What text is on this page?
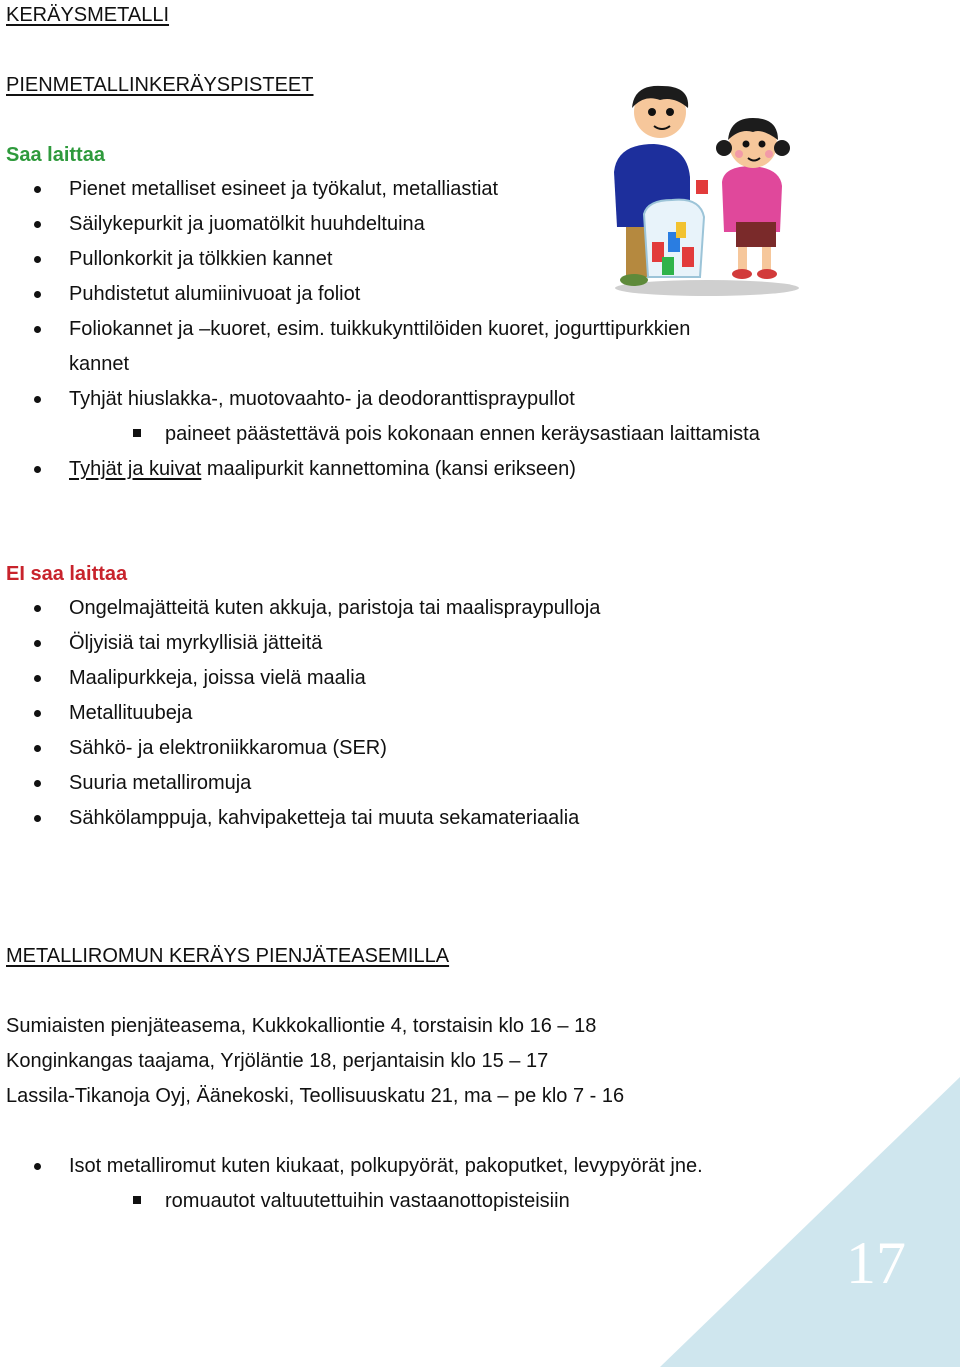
KERÄYSMETALLI
PIENMETALLINKERÄYSPISTEET
Saa laittaa
Pienet metalliset esineet ja työkalut, metalliastiat
Säilykepurkit ja juomatölkit huuhdeltuina
Pullonkorkit ja tölkkien kannet
Puhdistetut alumiinivuoat ja foliot
Foliokannet ja –kuoret, esim. tuikkukynttilöiden kuoret, jogurttipurkkien
kannet
Tyhjät hiuslakka-, muotovaahto- ja deodoranttispraypullot
paineet päästettävä pois kokonaan ennen keräysastiaan laittamista
Tyhjät ja kuivat maalipurkit kannettomina (kansi erikseen)
EI saa laittaa
Ongelmajätteitä kuten akkuja, paristoja tai maalispraypulloja
Öljyisiä tai myrkyllisiä jätteitä
Maalipurkkeja, joissa vielä maalia
Metallituubeja
Sähkö- ja elektroniikkaromua (SER)
Suuria metalliromuja
Sähkölamppuja, kahvipaketteja tai muuta sekamateriaalia
METALLIROMUN KERÄYS PIENJÄTEASEMILLA
Sumiaisten pienjäteasema, Kukkokalliontie 4, torstaisin klo 16 – 18
Konginkangas taajama, Yrjöläntie 18, perjantaisin klo 15 – 17
Lassila-Tikanoja Oyj, Äänekoski, Teollisuuskatu 21, ma – pe klo 7 - 16
Isot metalliromut kuten kiukaat, polkupyörät, pakoputket, levypyörät jne.
romuautot valtuutettuihin vastaanottopisteisiin
17
